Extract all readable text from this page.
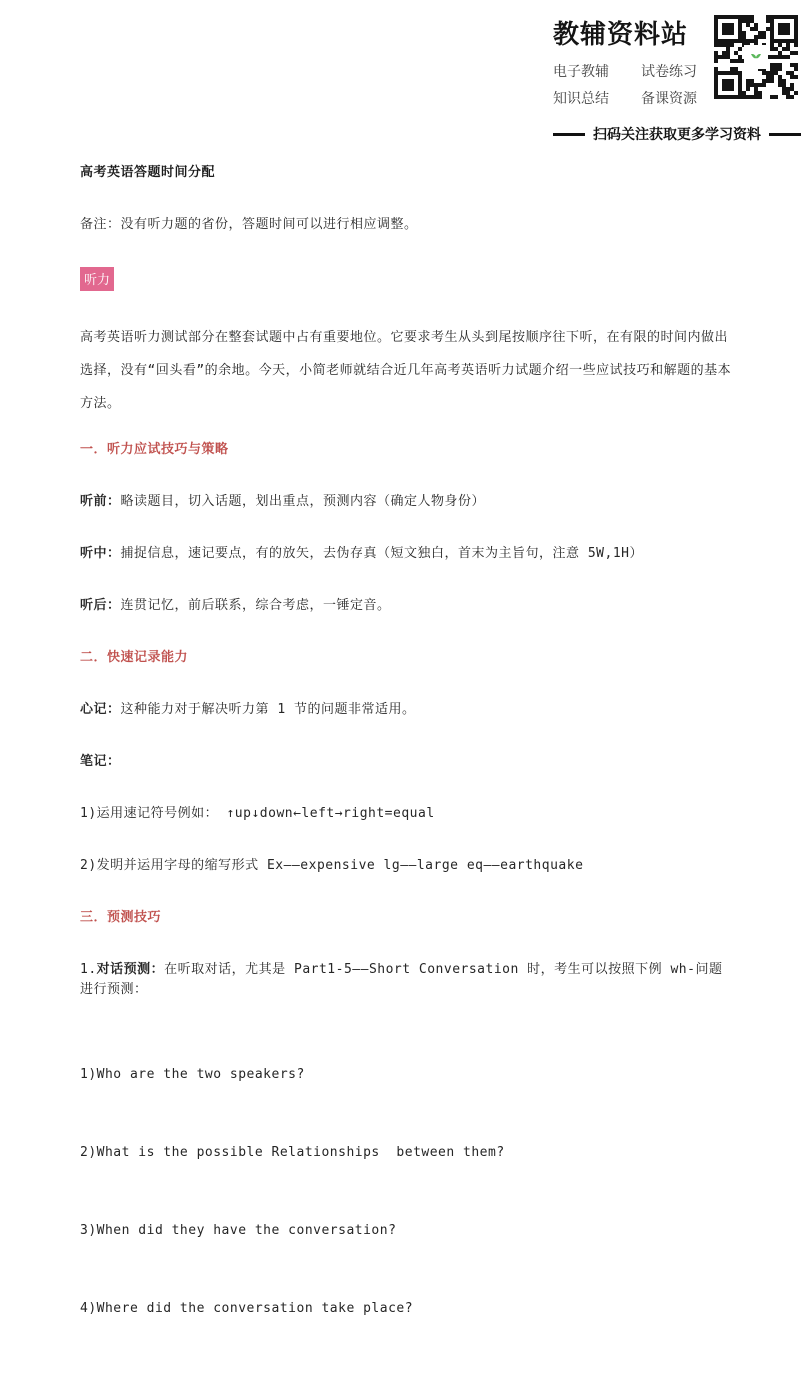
教辅资料站
电子教辅	试卷练习
知识总结	备课资源
扫码关注获取更多学习资料
高考英语答题时间分配
备注：没有听力题的省份，答题时间可以进行相应调整。
听力
高考英语听力测试部分在整套试题中占有重要地位。它要求考生从头到尾按顺序往下听，在有限的时间内做出选择，没有“回头看”的余地。今天，小简老师就结合近几年高考英语听力试题介绍一些应试技巧和解题的基本方法。
一．听力应试技巧与策略
听前：略读题目，切入话题，划出重点，预测内容（确定人物身份）
听中：捕捉信息，速记要点，有的放矢，去伪存真（短文独白，首末为主旨句，注意 5W,1H）
听后：连贯记忆，前后联系，综合考虑，一锤定音。
二．快速记录能力
心记：这种能力对于解决听力第 1 节的问题非常适用。
笔记：
1)运用速记符号例如： ↑up↓down←left→right=equal
2)发明并运用字母的缩写形式 Ex——expensive lg——large eq——earthquake
三．预测技巧
1.对话预测：在听取对话，尤其是 Part1-5——Short Conversation 时，考生可以按照下例 wh-问题进行预测：

1)Who are the two speakers?

2)What is the possible Relationships  between them?

3)When did they have the conversation?

4)Where did the conversation take place?
